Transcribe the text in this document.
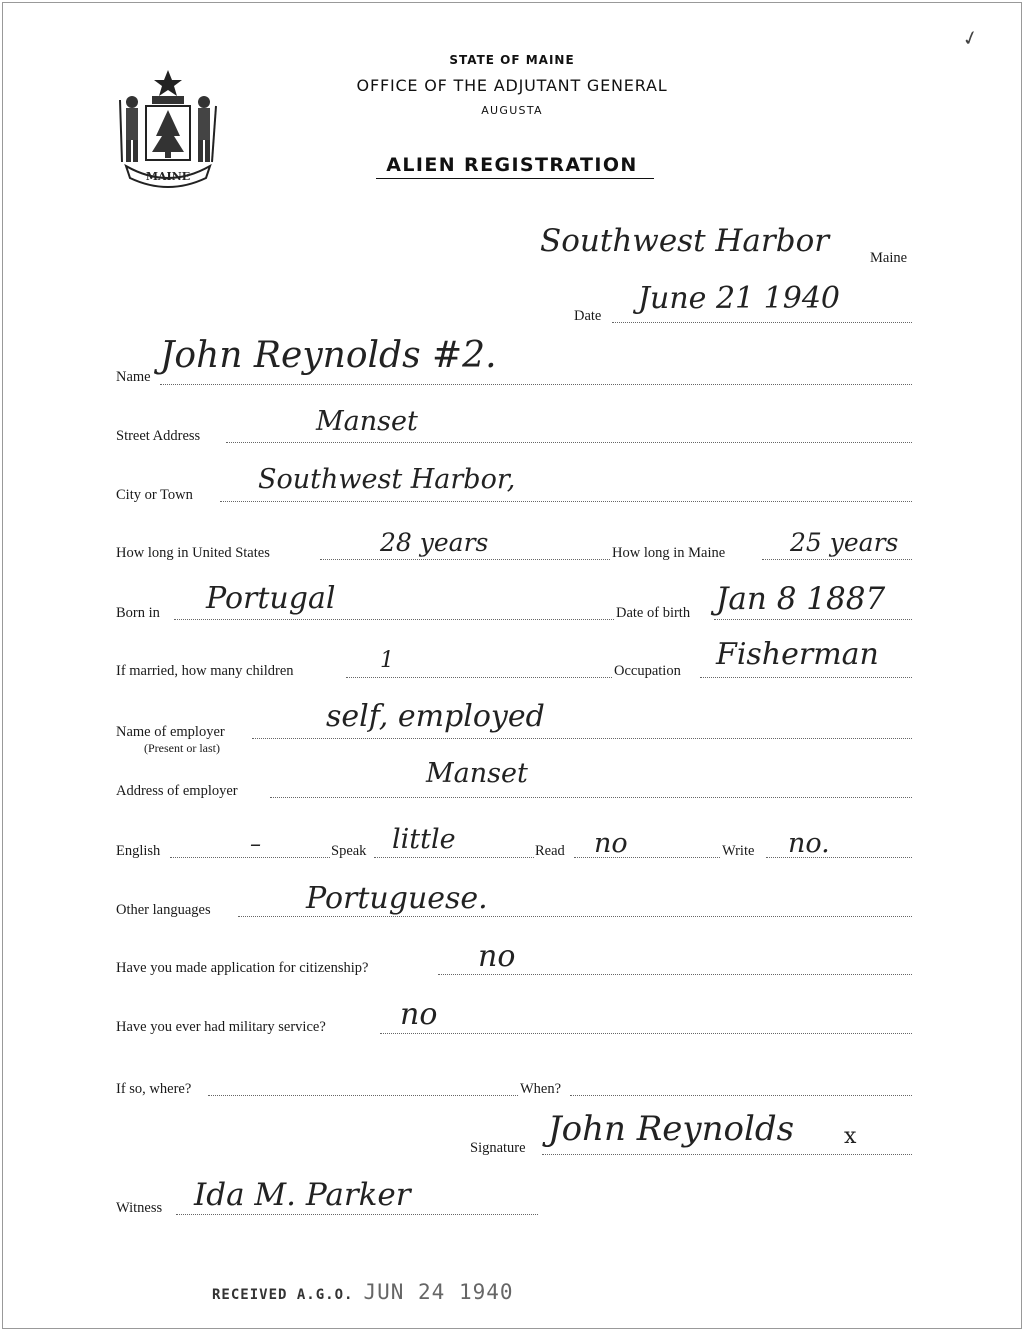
✓
MAINE
STATE OF MAINE
OFFICE OF THE ADJUTANT GENERAL
AUGUSTA
ALIEN REGISTRATION
Southwest Harbor	Maine
Date June 21 1940
Name
John Reynolds #2.
Street Address	Manset
City or Town Southwest Harbor,
How long in United States	28 years	How long in Maine	25 years
Born in Portugal	Date of birth Jan 8 1887
If married, how many children	1	Occupation Fisherman
Name of employer
(Present or last)
self, employed
Address of employer
Manset
English	–	Speak little	Read no	Write no.
Other languages	Portuguese.
Have you made application for citizenship?	no
Have you ever had military service? no
If so, where?	When?
Signature John Reynolds x
Witness Ida M. Parker
RECEIVED A.G.O. JUN 24 1940
